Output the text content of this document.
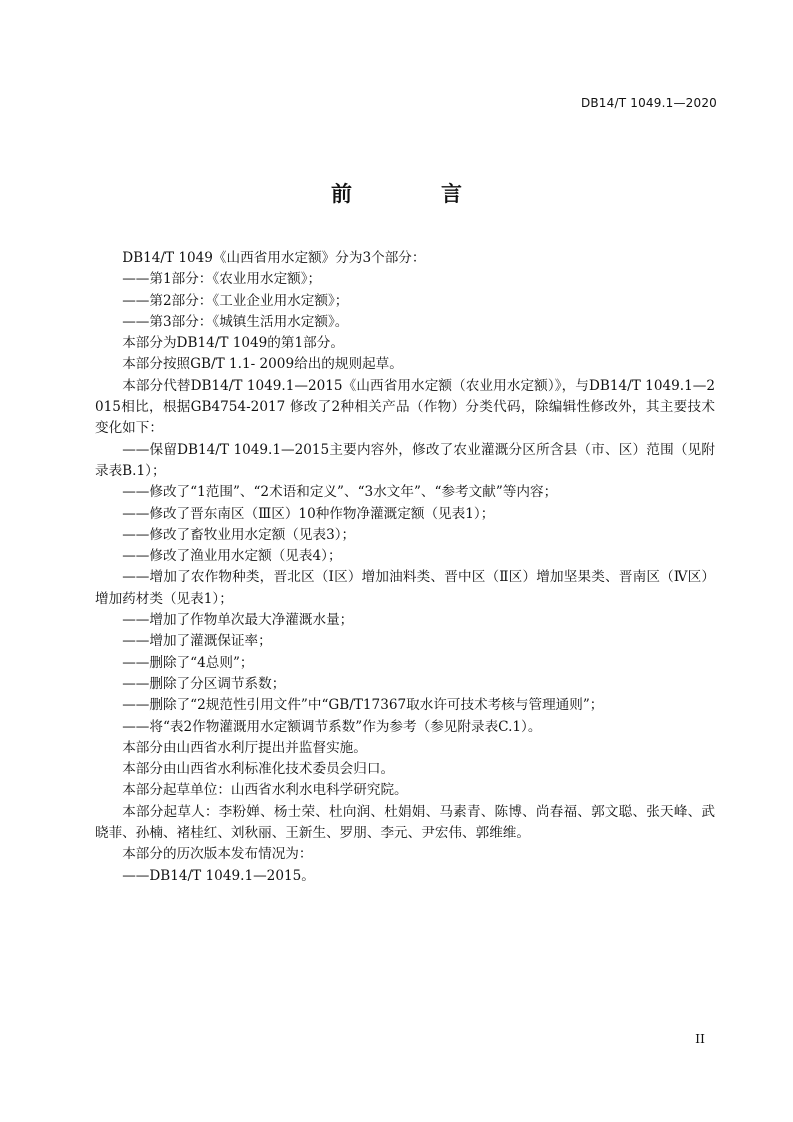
DB14/T 1049.1—2020
前　言

DB14/T 1049《山西省用水定额》分为3个部分：

——第1部分：《农业用水定额》；

——第2部分：《工业企业用水定额》；

——第3部分：《城镇生活用水定额》。

本部分为DB14/T 1049的第1部分。

本部分按照GB/T 1.1- 2009给出的规则起草。

本部分代替DB14/T 1049.1—2015《山西省用水定额（农业用水定额）》，与DB14/T 1049.1—2015相比，根据GB4754-2017 修改了2种相关产品（作物）分类代码，除编辑性修改外，其主要技术变化如下：

——保留DB14/T 1049.1—2015主要内容外，修改了农业灌溉分区所含县（市、区）范围（见附录表B.1）；

——修改了“1范围”、“2术语和定义”、“3水文年”、“参考文献”等内容；

——修改了晋东南区（Ⅲ区）10种作物净灌溉定额（见表1）；

——修改了畜牧业用水定额（见表3）；

——修改了渔业用水定额（见表4）；

——增加了农作物种类，晋北区（Ⅰ区）增加油料类、晋中区（Ⅱ区）增加坚果类、晋南区（Ⅳ区）增加药材类（见表1）；

——增加了作物单次最大净灌溉水量；

——增加了灌溉保证率；

——删除了“4总则”；

——删除了分区调节系数；

——删除了“2规范性引用文件”中“GB/T17367取水许可技术考核与管理通则”；

——将“表2作物灌溉用水定额调节系数”作为参考（参见附录表C.1）。

本部分由山西省水利厅提出并监督实施。

本部分由山西省水利标准化技术委员会归口。

本部分起草单位：山西省水利水电科学研究院。

本部分起草人：李粉婵、杨士荣、杜向润、杜娟娟、马素青、陈博、尚春福、郭文聪、张天峰、武晓菲、孙楠、褚桂红、刘秋丽、王新生、罗朋、李元、尹宏伟、郭维维。

本部分的历次版本发布情况为：

——DB14/T 1049.1—2015。

II
